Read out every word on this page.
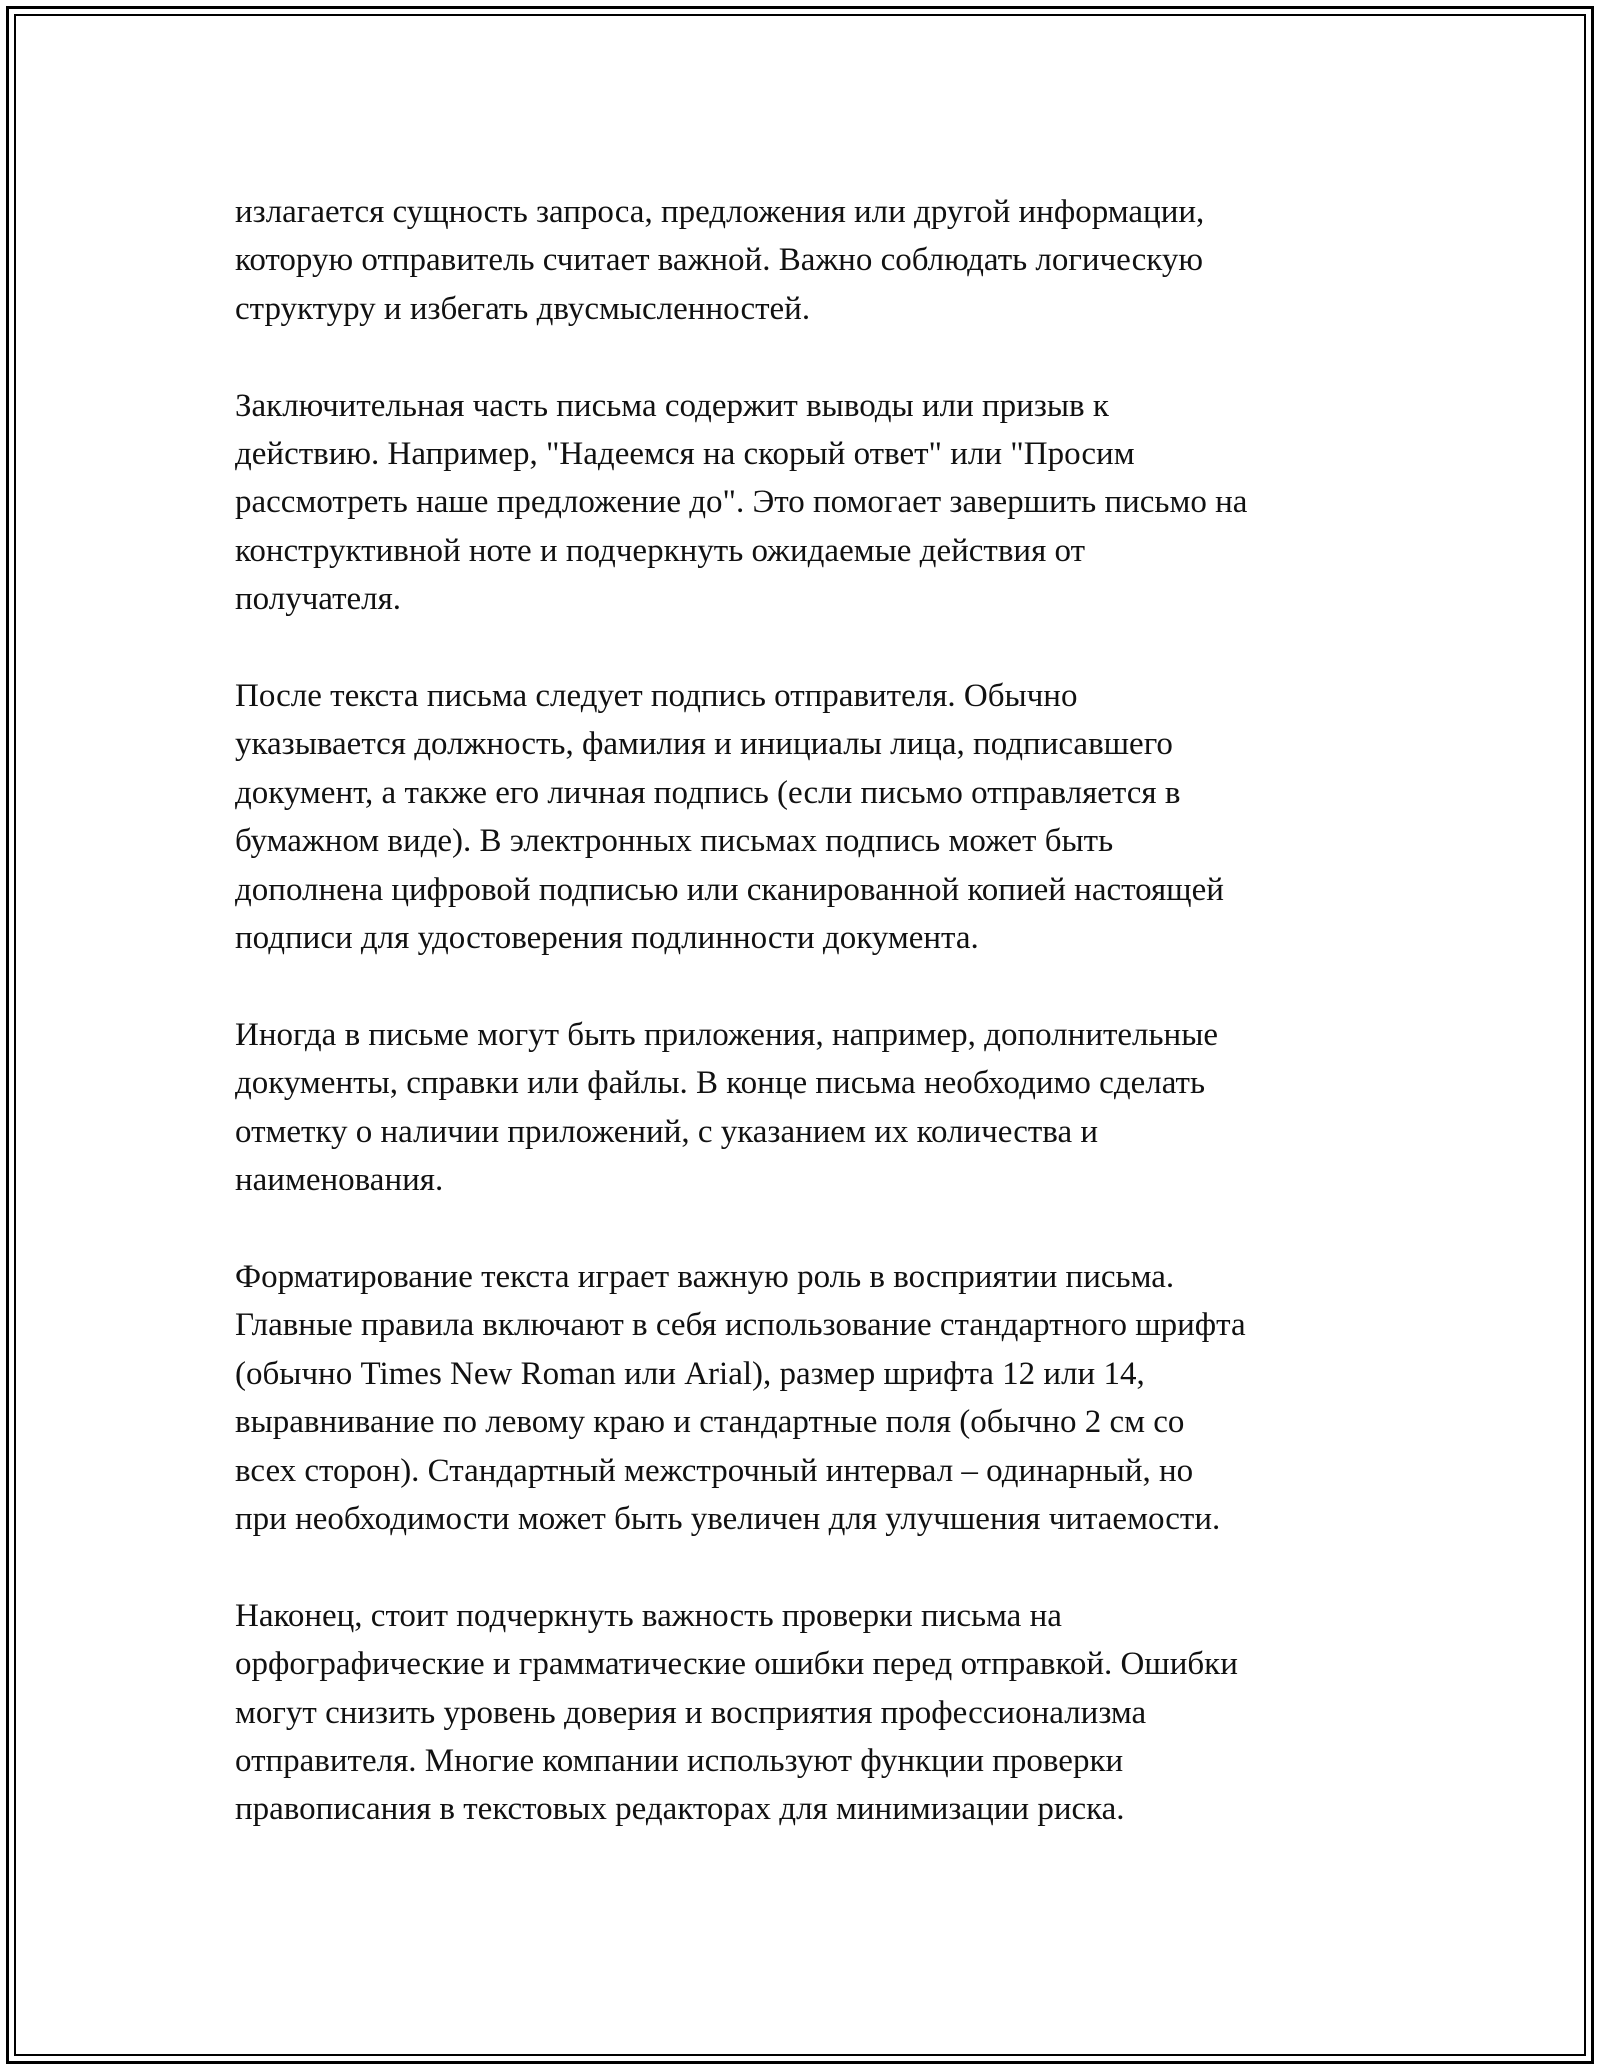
излагается сущность запроса, предложения или другой информации,
которую отправитель считает важной. Важно соблюдать логическую
структуру и избегать двусмысленностей.

Заключительная часть письма содержит выводы или призыв к
действию. Например, "Надеемся на скорый ответ" или "Просим
рассмотреть наше предложение до". Это помогает завершить письмо на
конструктивной ноте и подчеркнуть ожидаемые действия от
получателя.

После текста письма следует подпись отправителя. Обычно
указывается должность, фамилия и инициалы лица, подписавшего
документ, а также его личная подпись (если письмо отправляется в
бумажном виде). В электронных письмах подпись может быть
дополнена цифровой подписью или сканированной копией настоящей
подписи для удостоверения подлинности документа.

Иногда в письме могут быть приложения, например, дополнительные
документы, справки или файлы. В конце письма необходимо сделать
отметку о наличии приложений, с указанием их количества и
наименования.

Форматирование текста играет важную роль в восприятии письма.
Главные правила включают в себя использование стандартного шрифта
(обычно Times New Roman или Arial), размер шрифта 12 или 14,
выравнивание по левому краю и стандартные поля (обычно 2 см со
всех сторон). Стандартный межстрочный интервал – одинарный, но
при необходимости может быть увеличен для улучшения читаемости.

Наконец, стоит подчеркнуть важность проверки письма на
орфографические и грамматические ошибки перед отправкой. Ошибки
могут снизить уровень доверия и восприятия профессионализма
отправителя. Многие компании используют функции проверки
правописания в текстовых редакторах для минимизации риска.
